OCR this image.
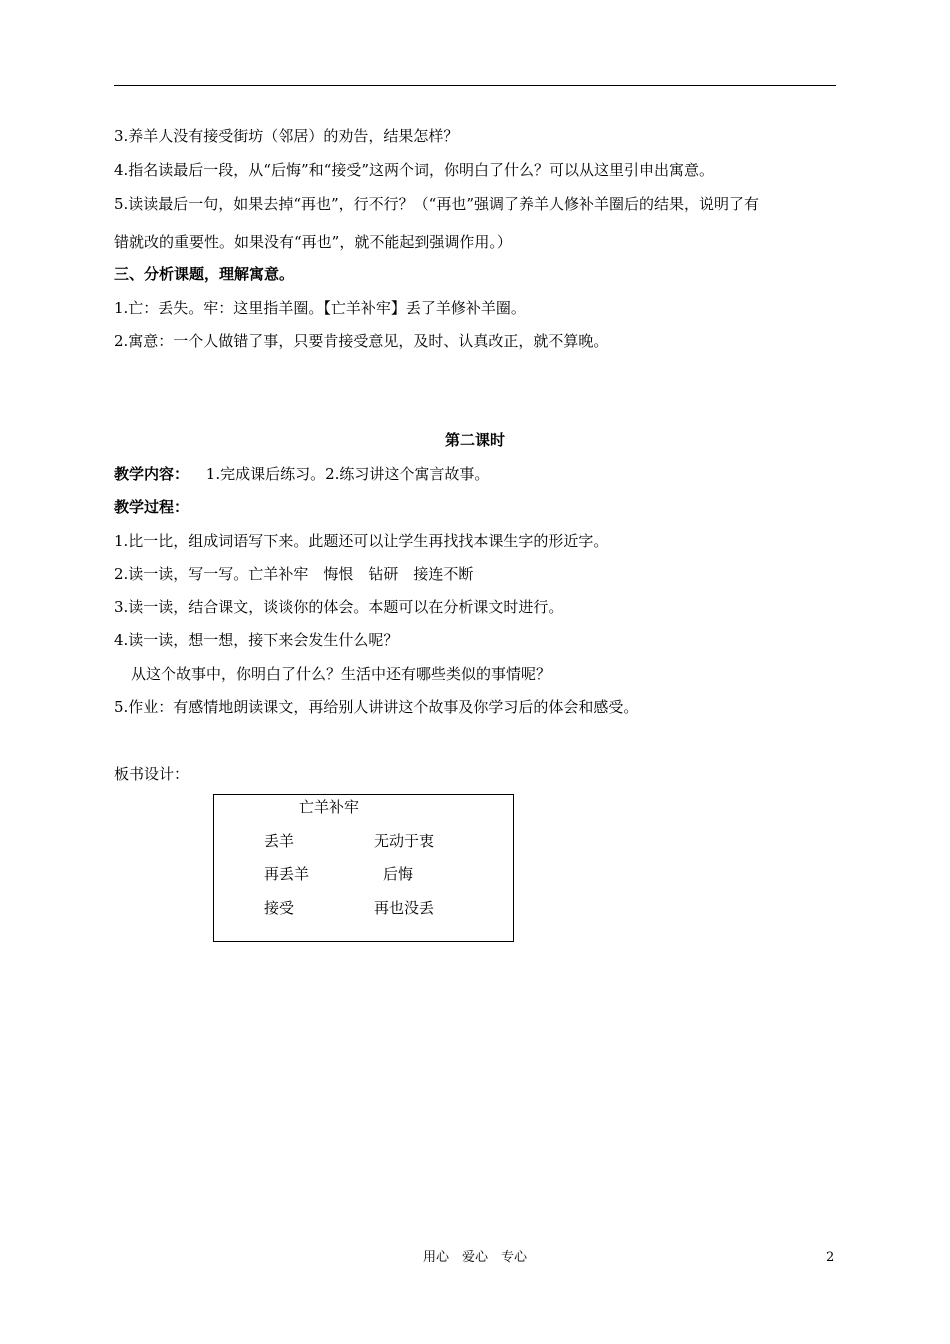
3.养羊人没有接受街坊（邻居）的劝告，结果怎样？
4.指名读最后一段，从“后悔”和“接受”这两个词，你明白了什么？可以从这里引申出寓意。
5.读读最后一句，如果去掉“再也”，行不行？（“再也”强调了养羊人修补羊圈后的结果，说明了有
错就改的重要性。如果没有“再也”，就不能起到强调作用。）
三、分析课题，理解寓意。
1.亡：丢失。牢：这里指羊圈。【亡羊补牢】丢了羊修补羊圈。
2.寓意：一个人做错了事，只要肯接受意见，及时、认真改正，就不算晚。
第二课时
教学内容： 1.完成课后练习。2.练习讲这个寓言故事。
教学过程：
1.比一比，组成词语写下来。此题还可以让学生再找找本课生字的形近字。
2.读一读，写一写。亡羊补牢　悔恨　钻研　接连不断
3.读一读，结合课文，谈谈你的体会。本题可以在分析课文时进行。
4.读一读，想一想，接下来会发生什么呢？
从这个故事中，你明白了什么？生活中还有哪些类似的事情呢？
5.作业：有感情地朗读课文，再给别人讲讲这个故事及你学习后的体会和感受。
板书设计：
亡羊补牢
丢羊	无动于衷
再丢羊	后悔
接受	再也没丢
用心　爱心　专心	2
